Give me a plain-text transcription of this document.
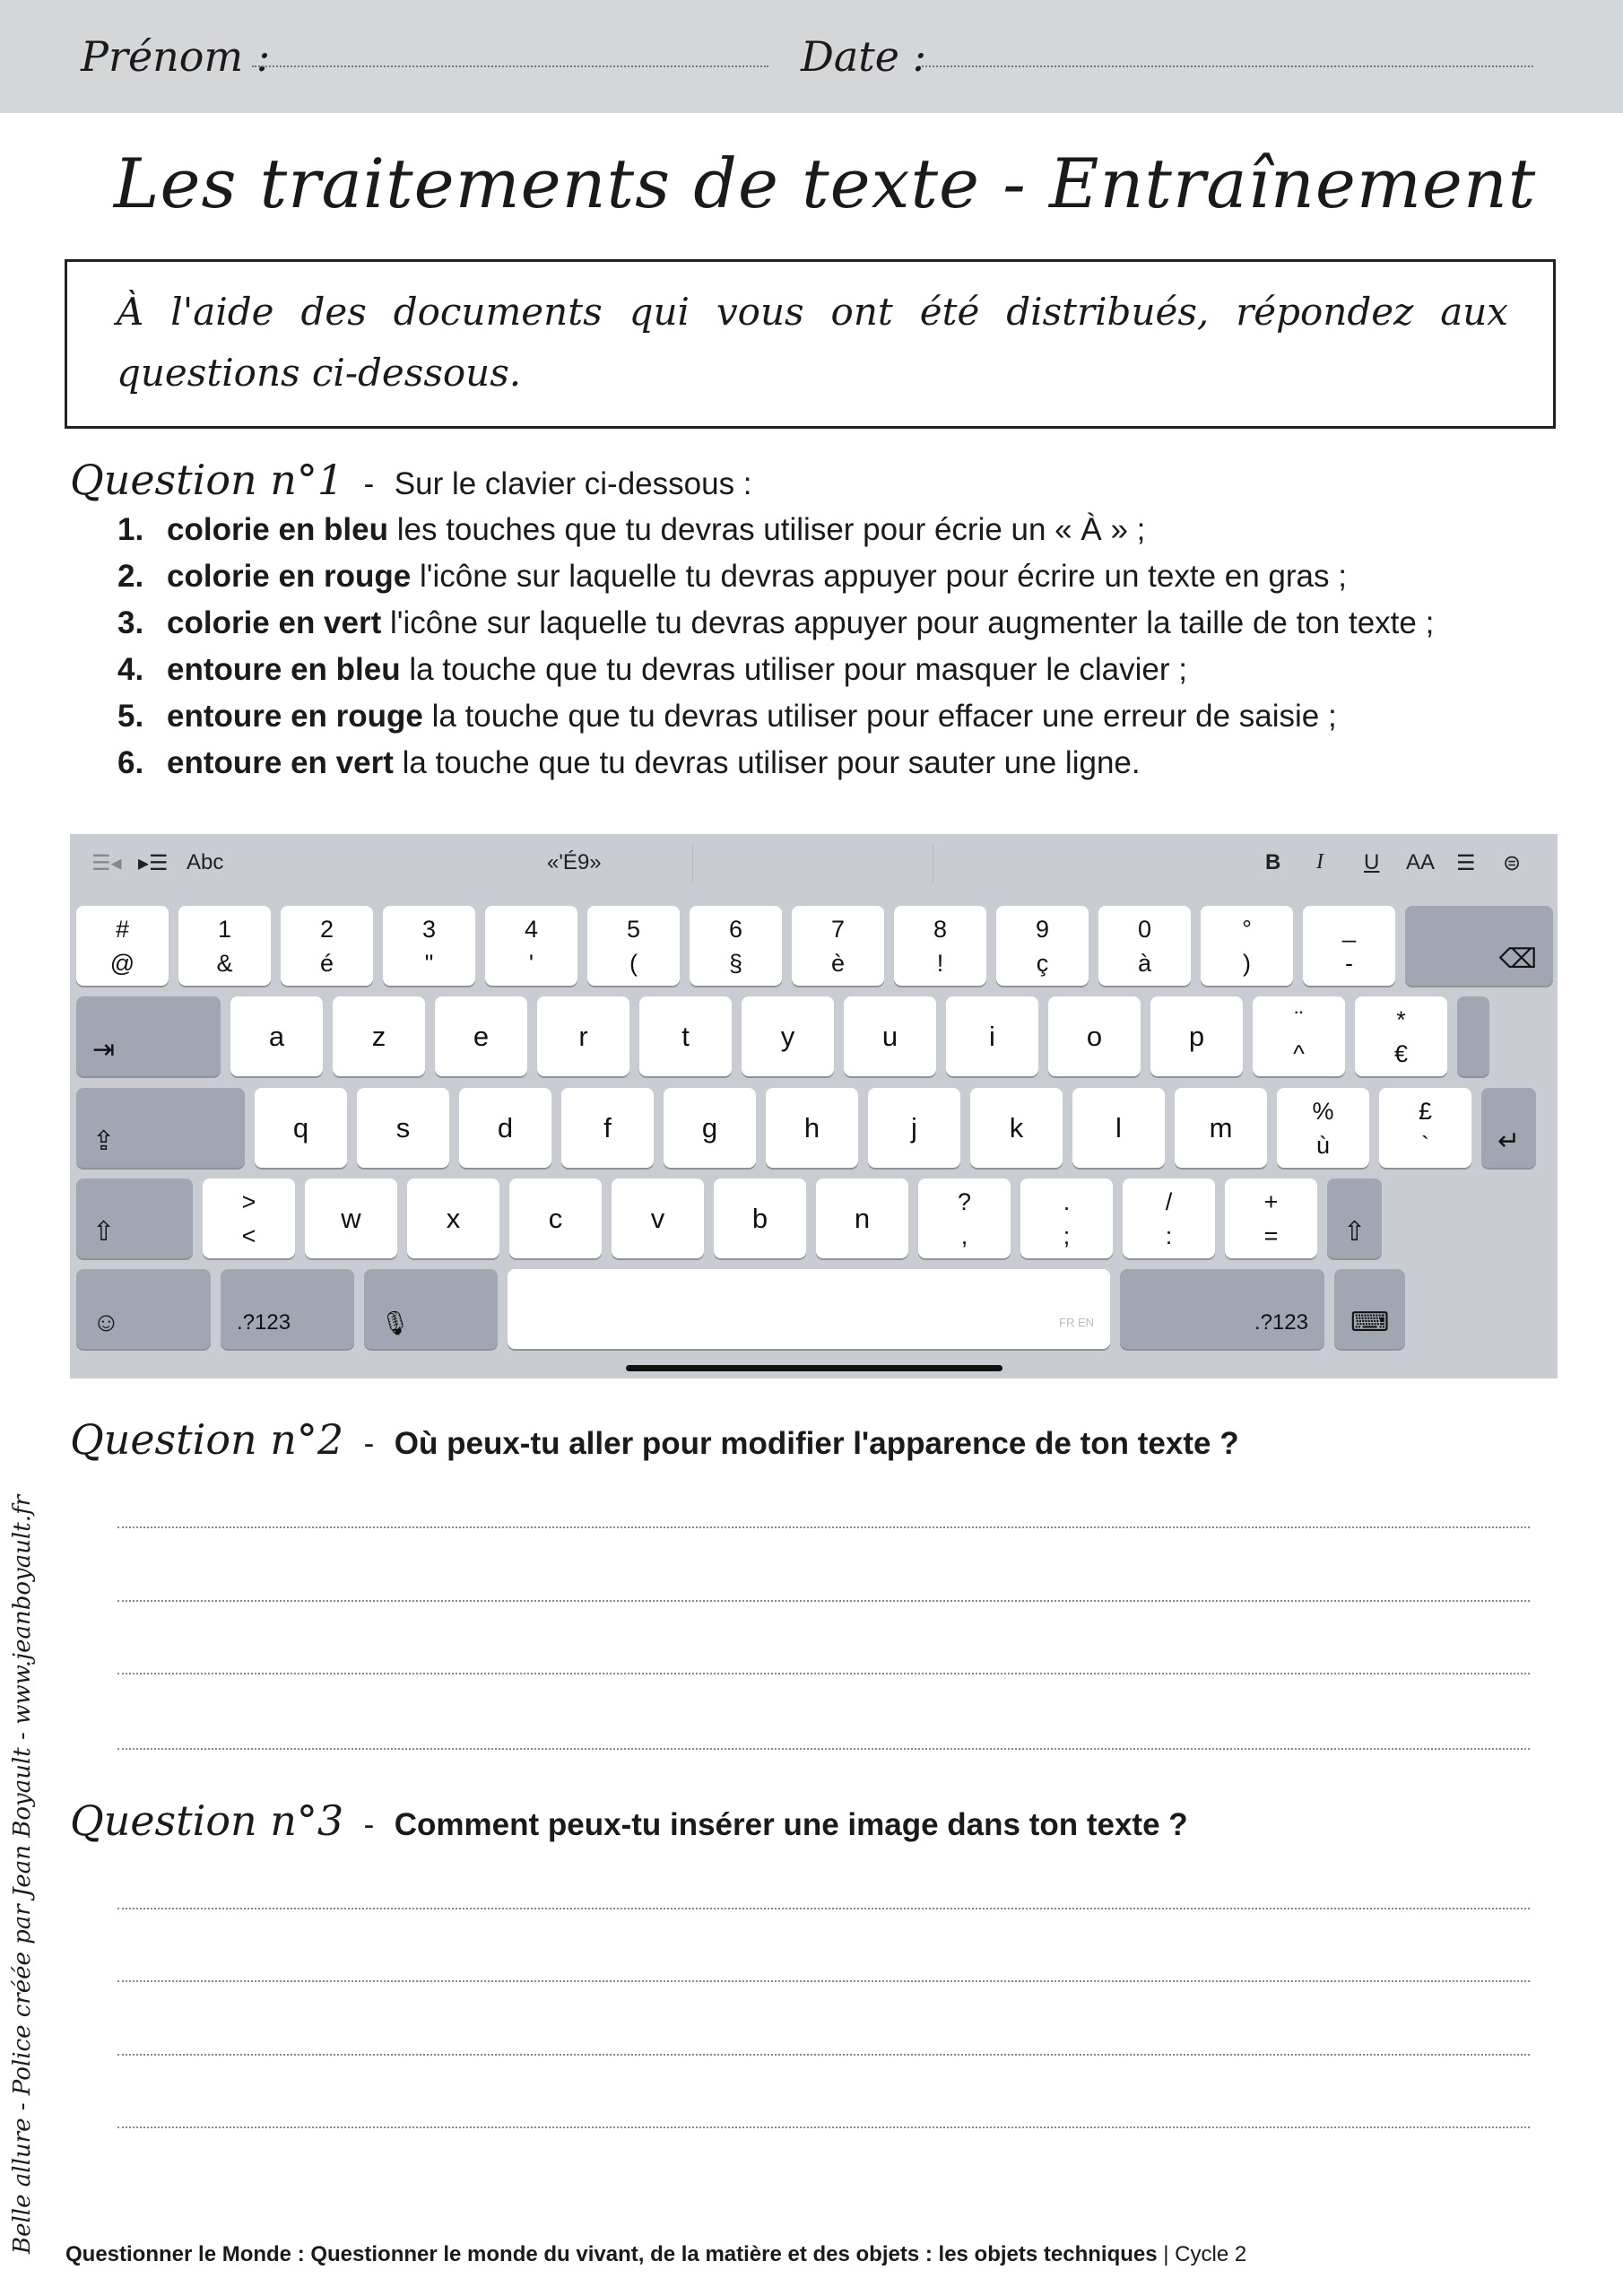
Prénom :	Date :
Les traitements de texte - Entraînement
À l'aide des documents qui vous ont été distribués, répondez aux questions ci-dessous.
Question n°1 - Sur le clavier ci-dessous :
1. colorie en bleu les touches que tu devras utiliser pour écrie un « À » ;
2. colorie en rouge l'icône sur laquelle tu devras appuyer pour écrire un texte en gras ;
3. colorie en vert l'icône sur laquelle tu devras appuyer pour augmenter la taille de ton texte ;
4. entoure en bleu la touche que tu devras utiliser pour masquer le clavier ;
5. entoure en rouge la touche que tu devras utiliser pour effacer une erreur de saisie ;
6. entoure en vert la touche que tu devras utiliser pour sauter une ligne.
☰◂ ▸☰ Abc	«'É9»	B I U AA ☰ ⊜
#
@
1
&
2
é
3
"
4
'
5
(
6
§
7
è
8
!
9
ç
0
à
°
)
_
-	⌫
⇥	a	z	e	r	t	y	u	i	o	p
¨
^
*
€
⇪	q	s	d	f	g	h	j	k	l	m
%
ù
£
`	↵
⇧
>
<
w	x	c	v	b	n
?
,
.
;
/
:
+
= ⇧
☺	.?123	🎙	FR EN	.?123 ⌨
Question n°2 - Où peux-tu aller pour modifier l'apparence de ton texte ?
Question n°3 - Comment peux-tu insérer une image dans ton texte ?
Belle allure - Police créée par Jean Boyault - www.jeanboyault.fr
Questionner le Monde : Questionner le monde du vivant, de la matière et des objets : les objets techniques | Cycle 2
